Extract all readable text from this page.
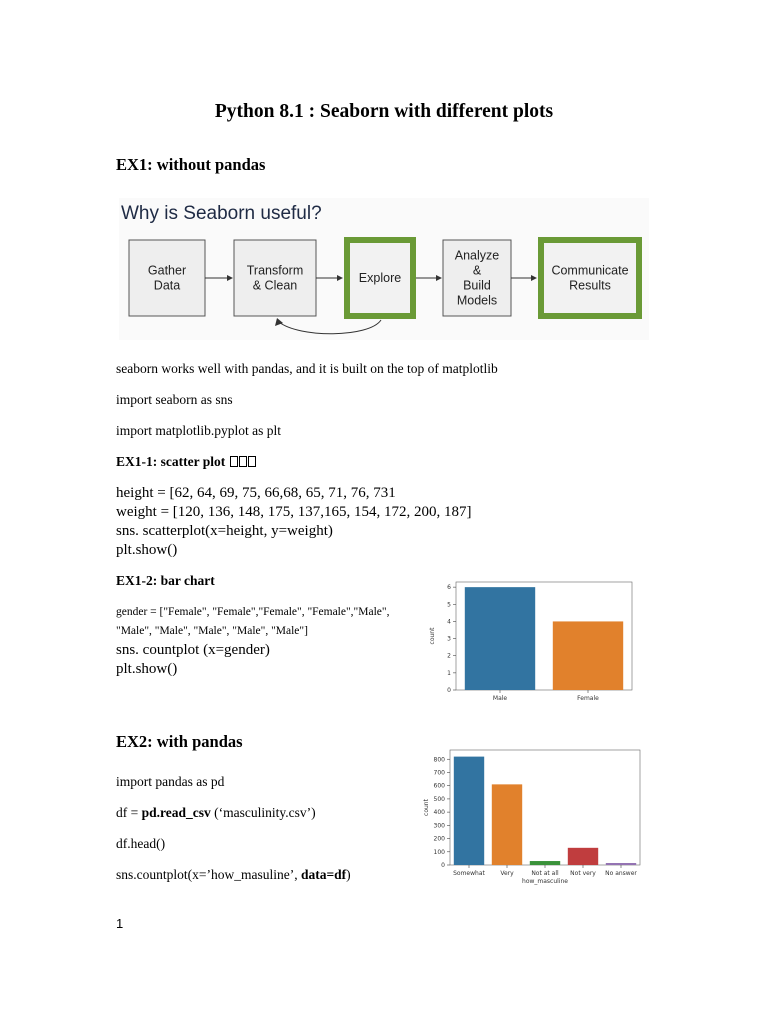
Python 8.1 : Seaborn with different plots
EX1: without pandas
Why is Seaborn useful?
Gather
Data
Transform
& Clean
Explore
Analyze
&
Build
Models
Communicate
Results
seaborn works well with pandas, and it is built on the top of matplotlib
import seaborn as sns
import matplotlib.pyplot as plt
EX1-1: scatter plot
height = [62, 64, 69, 75, 66,68, 65, 71, 76, 731
weight = [120, 136, 148, 175, 137,165, 154, 172, 200, 187]
sns. scatterplot(x=height, y=weight)
plt.show()
EX1-2: bar chart
gender = ["Female", "Female","Female", "Female","Male",
"Male", "Male", "Male", "Male", "Male"]
sns. countplot (x=gender)
plt.show()
0
1
2
3
4
5
6
Male	Female
count
EX2: with pandas
import pandas as pd
df = pd.read_csv (‘masculinity.csv’)
df.head()
sns.countplot(x=’how_masuline’, data=df)
0
100
200
300
400
500
600
700
800
Somewhat	Very	Not at all Not very No answer
count
how_masculine
1
